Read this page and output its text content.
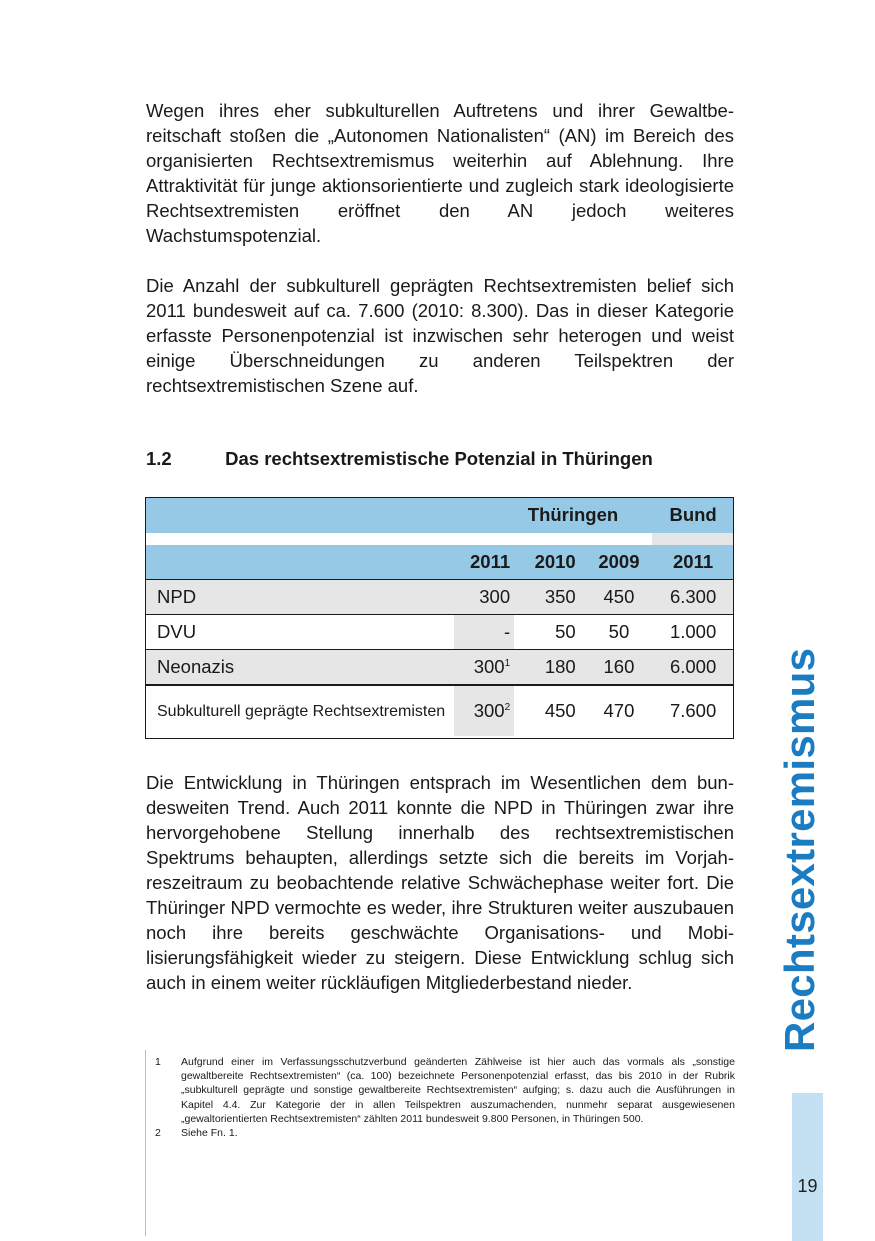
Wegen ihres eher subkulturellen Auftretens und ihrer Gewaltbereitschaft stoßen die „Autonomen Nationalisten“ (AN) im Bereich des organisierten Rechtsextremismus weiterhin auf Ablehnung. Ihre Attraktivität für junge aktionsorientierte und zugleich stark ideologisierte Rechtsextremisten eröffnet den AN jedoch weiteres Wachstumspotenzial.

Die Anzahl der subkulturell geprägten Rechtsextremisten belief sich 2011 bundesweit auf ca. 7.600 (2010: 8.300). Das in dieser Kategorie erfasste Personenpotenzial ist inzwischen sehr heterogen und weist einige Überschneidungen zu anderen Teilspektren der rechtsextremistischen Szene auf.

1.2	Das rechtsextremistische Potenzial in Thüringen
	Thüringen			Bund

	2011	2010	2009	2011
NPD	300	350	450	6.300
DVU	-	50	50	1.000
Neonazis	$300^1$	180	160	6.000
Subkulturell geprägte Rechtsextremisten	$300^2$	450	470	7.600

Die Entwicklung in Thüringen entsprach im Wesentlichen dem bundesweiten Trend. Auch 2011 konnte die NPD in Thüringen zwar ihre hervorgehobene Stellung innerhalb des rechtsextremistischen Spektrums behaupten, allerdings setzte sich die bereits im Vorjahreszeitraum zu beobachtende relative Schwächephase weiter fort. Die Thüringer NPD vermochte es weder, ihre Strukturen weiter auszubauen noch ihre bereits geschwächte Organisations- und Mobilisierungsfähigkeit wieder zu steigern. Diese Entwicklung schlug sich auch in einem weiter rückläufigen Mitgliederbestand nieder.

1	Aufgrund einer im Verfassungsschutzverbund geänderten Zählweise ist hier auch das vormals als „sonstige gewaltbereite Rechtsextremisten“ (ca. 100) bezeichnete Personenpotenzial erfasst, das bis 2010 in der Rubrik „subkulturell geprägte und sonstige gewaltbereite Rechtsextremisten“ aufging; s. dazu auch die Ausführungen in Kapitel 4.4. Zur Kategorie der in allen Teilspektren auszumachenden, nunmehr separat ausgewiesenen „gewaltorientierten Rechtsextremisten“ zählten 2011 bundesweit 9.800 Personen, in Thüringen 500.
2	Siehe Fn. 1.
Rechtsextremismus
19
